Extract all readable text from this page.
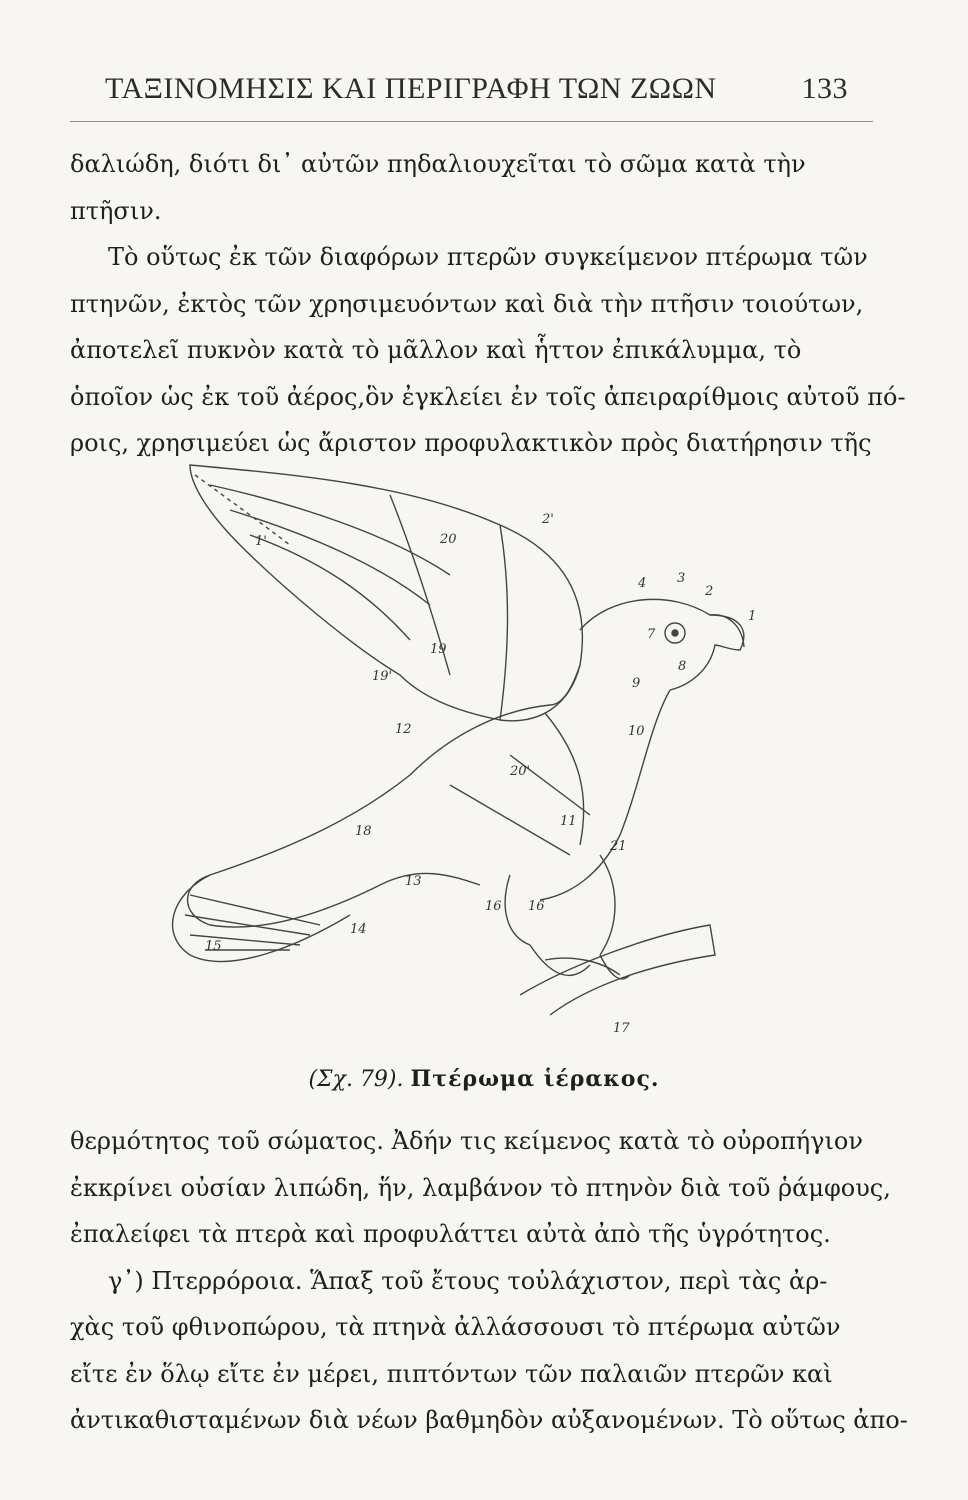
ΤΑΞΙΝΟΜΗΣΙΣ ΚΑΙ ΠΕΡΙΓΡΑΦΗ ΤΩΝ ΖΩΩΝ	133
δαλιώδη, διότι δι᾽ αὐτῶν πηδαλιουχεῖται τὸ σῶμα κατὰ τὴν
πτῆσιν.
Τὸ οὕτως ἐκ τῶν διαφόρων πτερῶν συγκείμενον πτέρωμα τῶν
πτηνῶν, ἐκτὸς τῶν χρησιμευόντων καὶ διὰ τὴν πτῆσιν τοιούτων,
ἀποτελεῖ πυκνὸν κατὰ τὸ μᾶλλον καὶ ἧττον ἐπικάλυμμα, τὸ
ὁποῖον ὡς ἐκ τοῦ ἀέρος,ὃν ἐγκλείει ἐν τοῖς ἀπειραρίθμοις αὐτοῦ πό-
ροις, χρησιμεύει ὡς ἄριστον προφυλακτικὸν πρὸς διατήρησιν τῆς
2'
20
1'
4 3
2
1
19
19'
12	10
20'
18
11
21
13
14
15
16 16
17
9
8
7
(Σχ. 79). Πτέρωμα ἱέρακος.
θερμότητος τοῦ σώματος. Ἀδήν τις κείμενος κατὰ τὸ οὐροπήγιον
ἐκκρίνει οὐσίαν λιπώδη, ἥν, λαμβάνον τὸ πτηνὸν διὰ τοῦ ῥάμφους,
ἐπαλείφει τὰ πτερὰ καὶ προφυλάττει αὐτὰ ἀπὸ τῆς ὑγρότητος.
γ᾽) Πτερρόροια. Ἅπαξ τοῦ ἔτους τοὐλάχιστον, περὶ τὰς ἀρ-
χὰς τοῦ φθινοπώρου, τὰ πτηνὰ ἀλλάσσουσι τὸ πτέρωμα αὐτῶν
εἴτε ἐν ὅλῳ εἴτε ἐν μέρει, πιπτόντων τῶν παλαιῶν πτερῶν καὶ
ἀντικαθισταμένων διὰ νέων βαθμηδὸν αὐξανομένων. Τὸ οὕτως ἀπο-
